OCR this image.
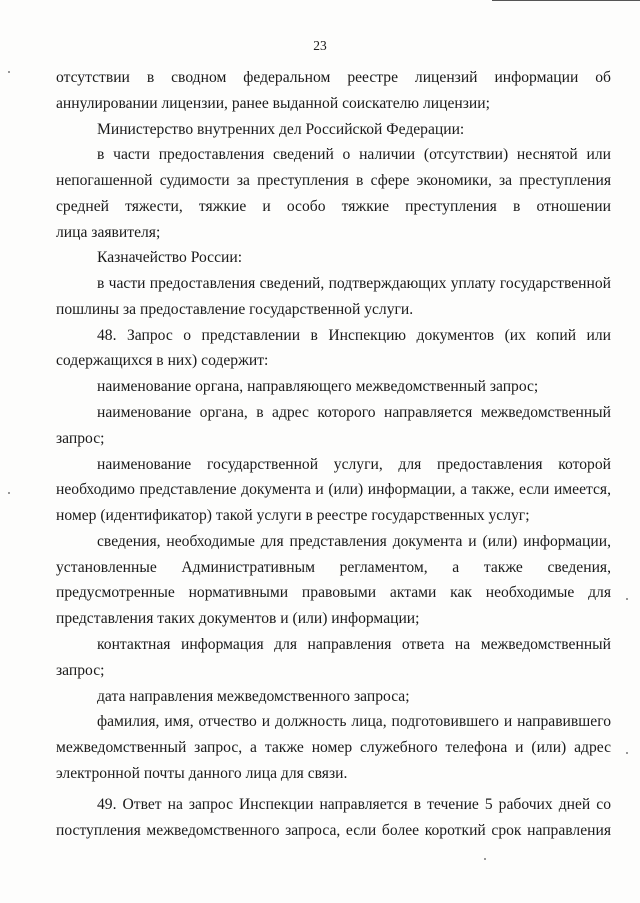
23
отсутствии в сводном федеральном реестре лицензий информации об
аннулировании лицензии, ранее выданной соискателю лицензии;
Министерство внутренних дел Российской Федерации:
в части предоставления сведений о наличии (отсутствии) неснятой или
непогашенной судимости за преступления в сфере экономики, за преступления
средней тяжести, тяжкие и особо тяжкие преступления в отношении
лица заявителя;
Казначейство России:
в части предоставления сведений, подтверждающих уплату государственной
пошлины за предоставление государственной услуги.
48. Запрос о представлении в Инспекцию документов (их копий или
содержащихся в них) содержит:
наименование органа, направляющего межведомственный запрос;
наименование органа, в адрес которого направляется межведомственный
запрос;
наименование государственной услуги, для предоставления которой
необходимо представление документа и (или) информации, а также, если имеется,
номер (идентификатор) такой услуги в реестре государственных услуг;
сведения, необходимые для представления документа и (или) информации,
установленные Административным регламентом, а также сведения,
предусмотренные нормативными правовыми актами как необходимые для
представления таких документов и (или) информации;
контактная информация для направления ответа на межведомственный
запрос;
дата направления межведомственного запроса;
фамилия, имя, отчество и должность лица, подготовившего и направившего
межведомственный запрос, а также номер служебного телефона и (или) адрес
электронной почты данного лица для связи.
49. Ответ на запрос Инспекции направляется в течение 5 рабочих дней со
поступления межведомственного запроса, если более короткий срок направления
